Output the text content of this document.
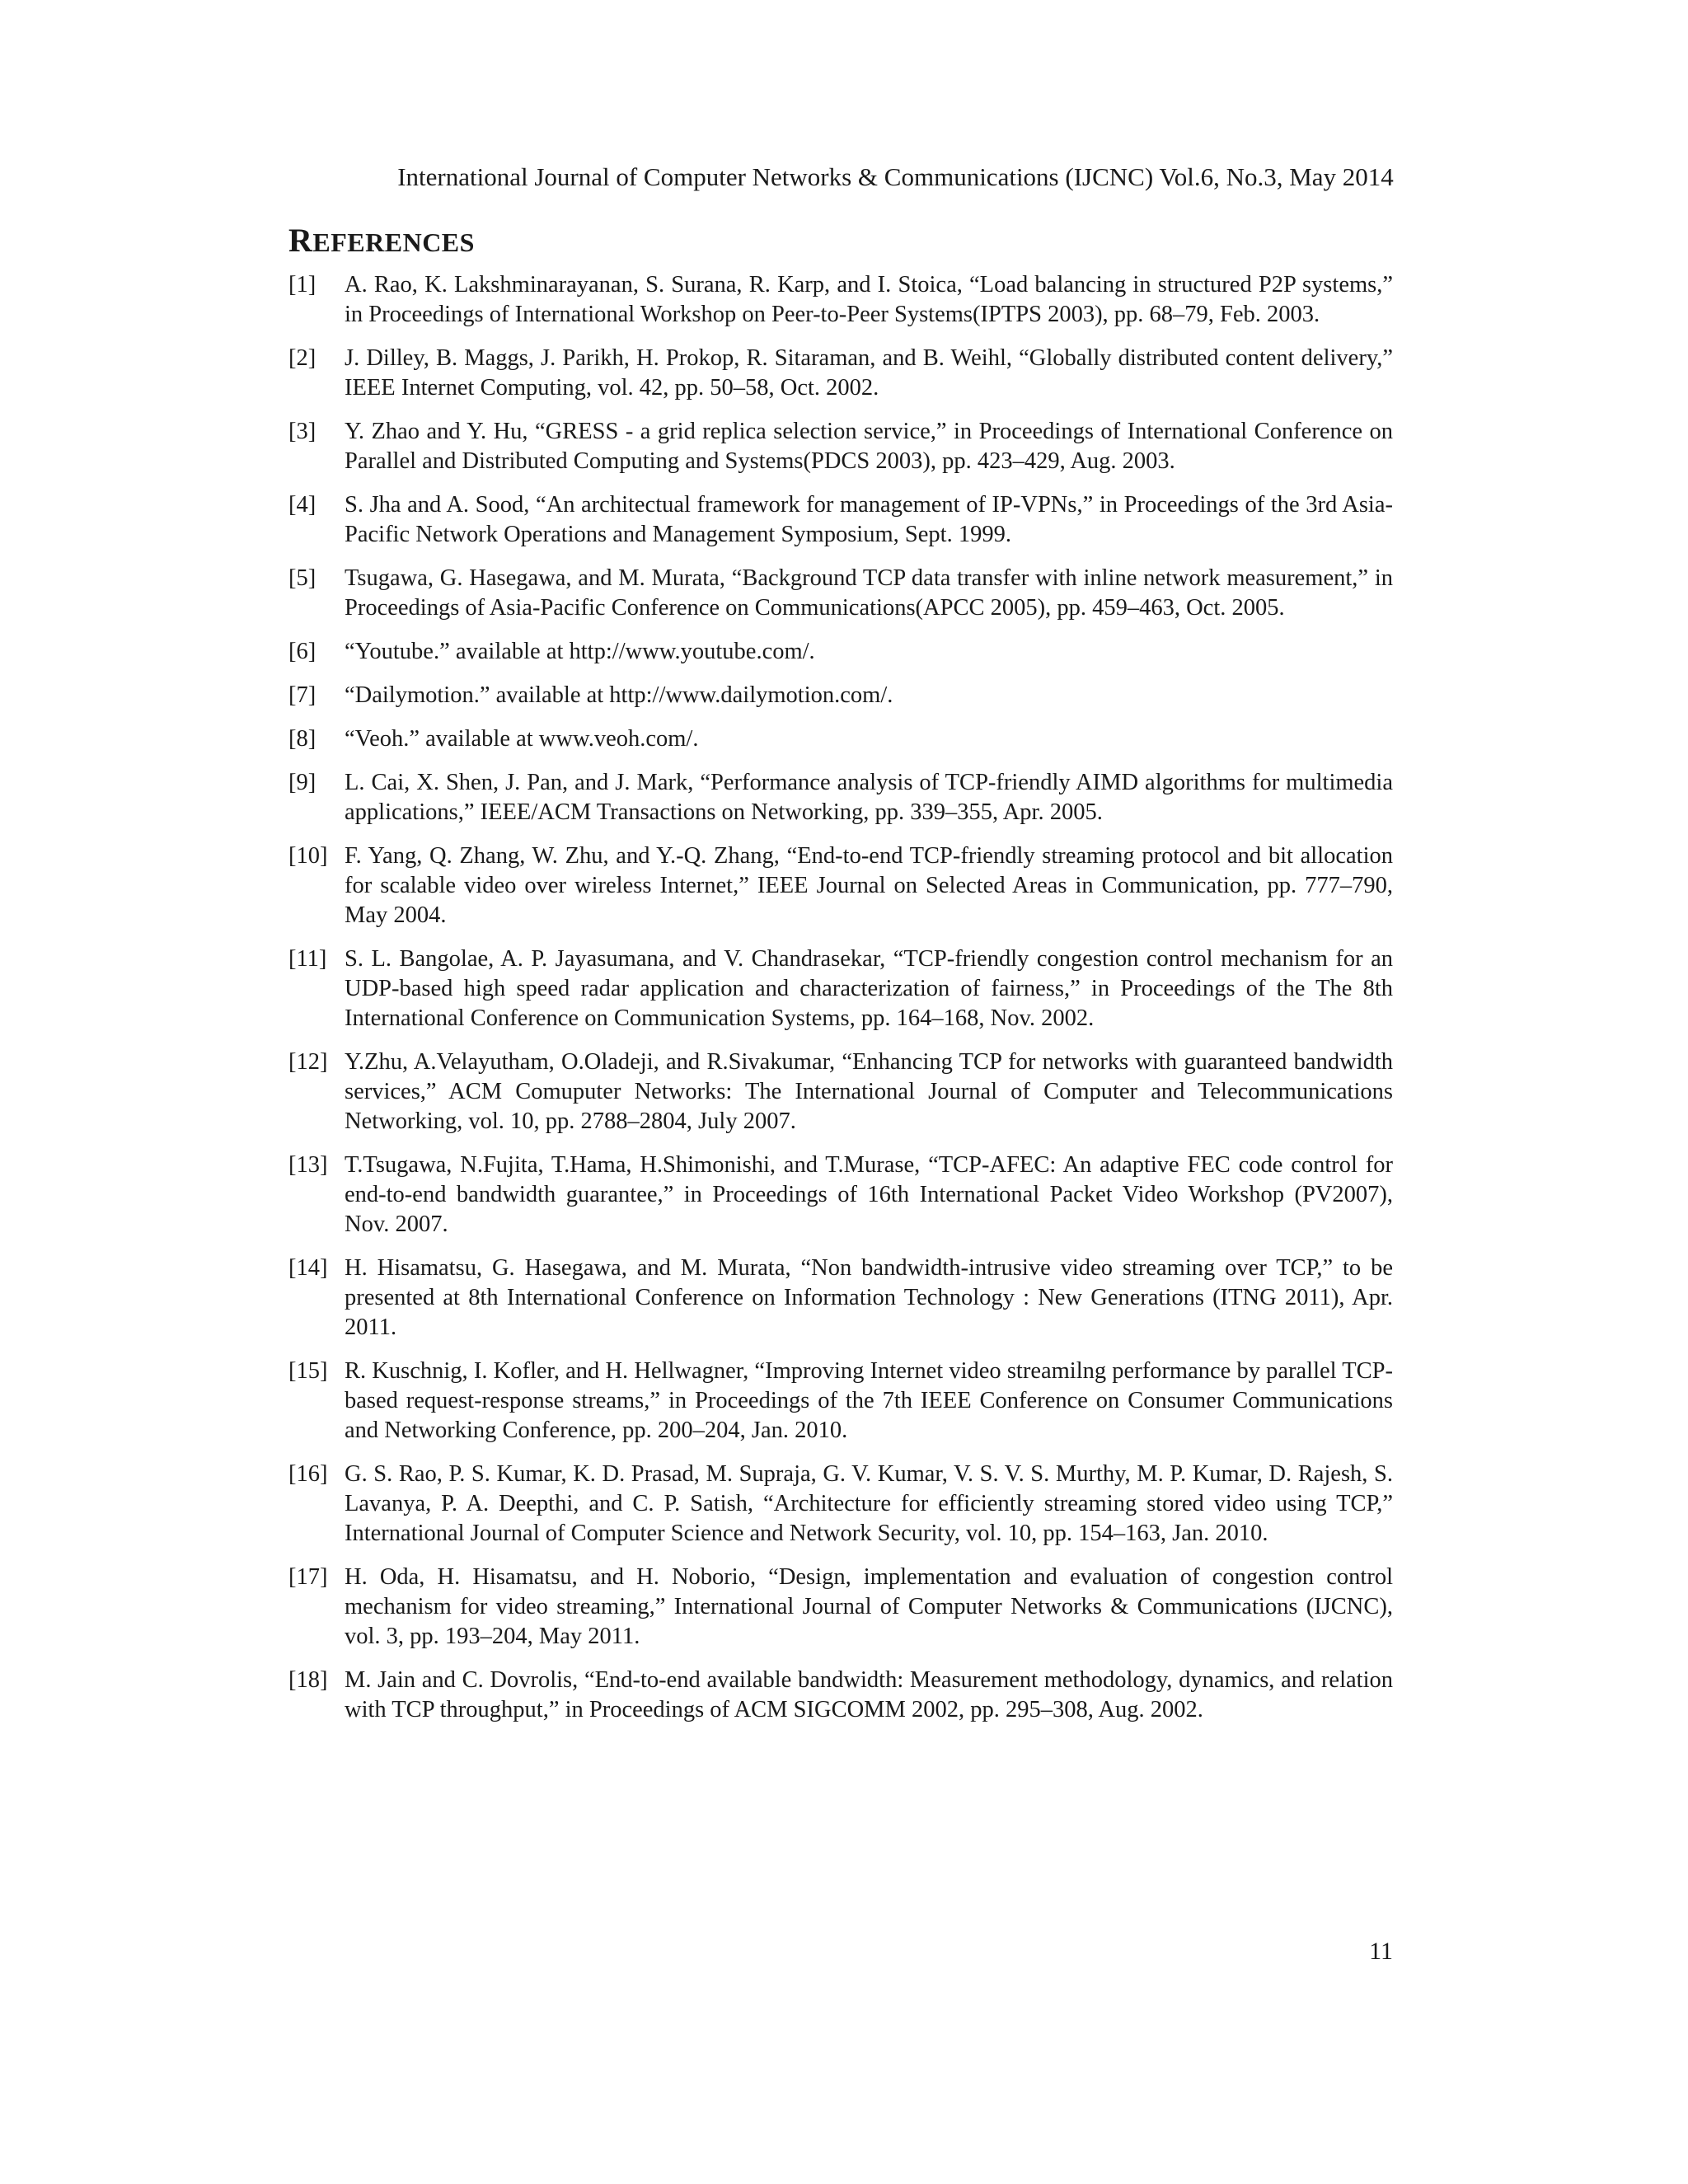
International Journal of Computer Networks & Communications (IJCNC) Vol.6, No.3, May 2014
REFERENCES
[1] A. Rao, K. Lakshminarayanan, S. Surana, R. Karp, and I. Stoica, “Load balancing in structured P2P systems,” in Proceedings of International Workshop on Peer-to-Peer Systems(IPTPS 2003), pp. 68–79, Feb. 2003.
[2] J. Dilley, B. Maggs, J. Parikh, H. Prokop, R. Sitaraman, and B. Weihl, “Globally distributed content delivery,” IEEE Internet Computing, vol. 42, pp. 50–58, Oct. 2002.
[3] Y. Zhao and Y. Hu, “GRESS - a grid replica selection service,” in Proceedings of International Conference on Parallel and Distributed Computing and Systems(PDCS 2003), pp. 423–429, Aug. 2003.
[4] S. Jha and A. Sood, “An architectual framework for management of IP-VPNs,” in Proceedings of the 3rd Asia-Pacific Network Operations and Management Symposium, Sept. 1999.
[5] Tsugawa, G. Hasegawa, and M. Murata, “Background TCP data transfer with inline network measurement,” in Proceedings of Asia-Pacific Conference on Communications(APCC 2005), pp. 459–463, Oct. 2005.
[6] “Youtube.” available at http://www.youtube.com/.
[7] “Dailymotion.” available at http://www.dailymotion.com/.
[8] “Veoh.” available at www.veoh.com/.
[9] L. Cai, X. Shen, J. Pan, and J. Mark, “Performance analysis of TCP-friendly AIMD algorithms for multimedia applications,” IEEE/ACM Transactions on Networking, pp. 339–355, Apr. 2005.
[10] F. Yang, Q. Zhang, W. Zhu, and Y.-Q. Zhang, “End-to-end TCP-friendly streaming protocol and bit allocation for scalable video over wireless Internet,” IEEE Journal on Selected Areas in Communication, pp. 777–790, May 2004.
[11] S. L. Bangolae, A. P. Jayasumana, and V. Chandrasekar, “TCP-friendly congestion control mechanism for an UDP-based high speed radar application and characterization of fairness,” in Proceedings of the The 8th International Conference on Communication Systems, pp. 164–168, Nov. 2002.
[12] Y.Zhu, A.Velayutham, O.Oladeji, and R.Sivakumar, “Enhancing TCP for networks with guaranteed bandwidth services,” ACM Comuputer Networks: The International Journal of Computer and Telecommunications Networking, vol. 10, pp. 2788–2804, July 2007.
[13] T.Tsugawa, N.Fujita, T.Hama, H.Shimonishi, and T.Murase, “TCP-AFEC: An adaptive FEC code control for end-to-end bandwidth guarantee,” in Proceedings of 16th International Packet Video Workshop (PV2007), Nov. 2007.
[14] H. Hisamatsu, G. Hasegawa, and M. Murata, “Non bandwidth-intrusive video streaming over TCP,” to be presented at 8th International Conference on Information Technology : New Generations (ITNG 2011), Apr. 2011.
[15] R. Kuschnig, I. Kofler, and H. Hellwagner, “Improving Internet video streamilng performance by parallel TCP-based request-response streams,” in Proceedings of the 7th IEEE Conference on Consumer Communications and Networking Conference, pp. 200–204, Jan. 2010.
[16] G. S. Rao, P. S. Kumar, K. D. Prasad, M. Supraja, G. V. Kumar, V. S. V. S. Murthy, M. P. Kumar, D. Rajesh, S. Lavanya, P. A. Deepthi, and C. P. Satish, “Architecture for efficiently streaming stored video using TCP,” International Journal of Computer Science and Network Security, vol. 10, pp. 154–163, Jan. 2010.
[17] H. Oda, H. Hisamatsu, and H. Noborio, “Design, implementation and evaluation of congestion control mechanism for video streaming,” International Journal of Computer Networks & Communications (IJCNC), vol. 3, pp. 193–204, May 2011.
[18] M. Jain and C. Dovrolis, “End-to-end available bandwidth: Measurement methodology, dynamics, and relation with TCP throughput,” in Proceedings of ACM SIGCOMM 2002, pp. 295–308, Aug. 2002.
11
